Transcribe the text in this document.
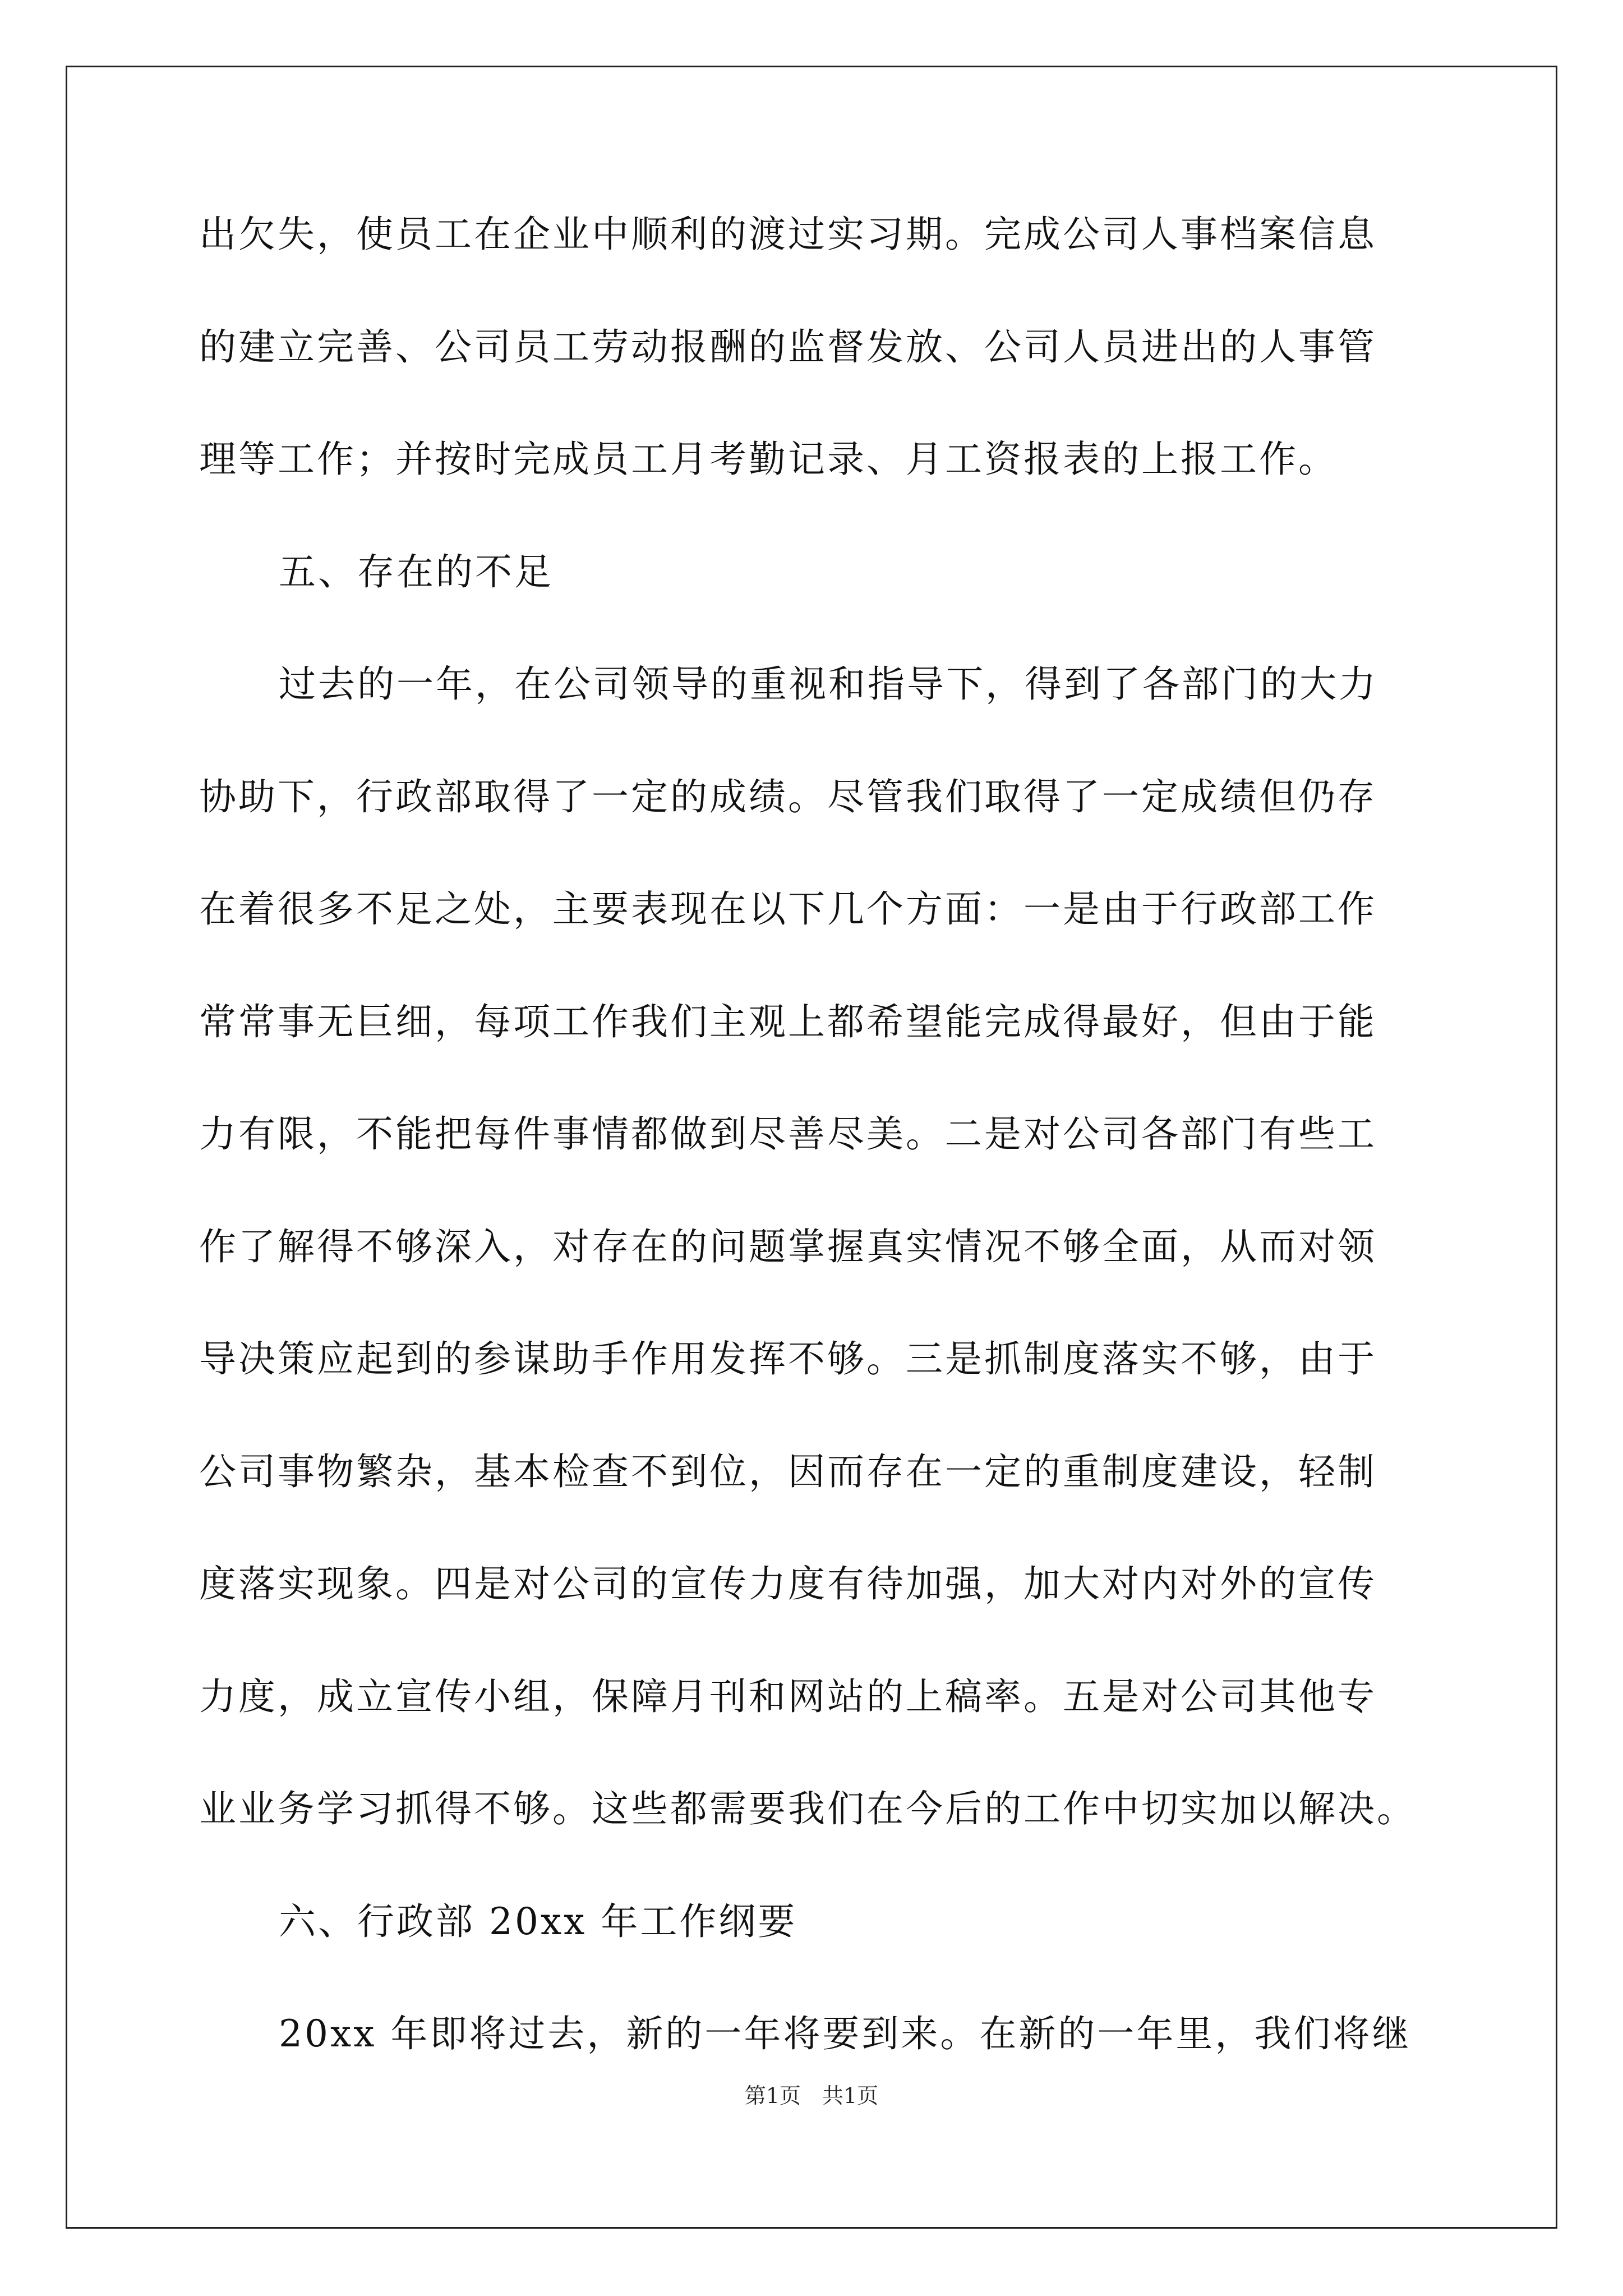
出欠失，使员工在企业中顺利的渡过实习期。完成公司人事档案信息

的建立完善、公司员工劳动报酬的监督发放、公司人员进出的人事管

理等工作；并按时完成员工月考勤记录、月工资报表的上报工作。

五、存在的不足

过去的一年，在公司领导的重视和指导下，得到了各部门的大力

协助下，行政部取得了一定的成绩。尽管我们取得了一定成绩但仍存

在着很多不足之处，主要表现在以下几个方面：一是由于行政部工作

常常事无巨细，每项工作我们主观上都希望能完成得最好，但由于能

力有限，不能把每件事情都做到尽善尽美。二是对公司各部门有些工

作了解得不够深入，对存在的问题掌握真实情况不够全面，从而对领

导决策应起到的参谋助手作用发挥不够。三是抓制度落实不够，由于

公司事物繁杂，基本检查不到位，因而存在一定的重制度建设，轻制

度落实现象。四是对公司的宣传力度有待加强，加大对内对外的宣传

力度，成立宣传小组，保障月刊和网站的上稿率。五是对公司其他专

业业务学习抓得不够。这些都需要我们在今后的工作中切实加以解决。

六、行政部 20xx 年工作纲要

20xx 年即将过去，新的一年将要到来。在新的一年里，我们将继

第1页　共1页
